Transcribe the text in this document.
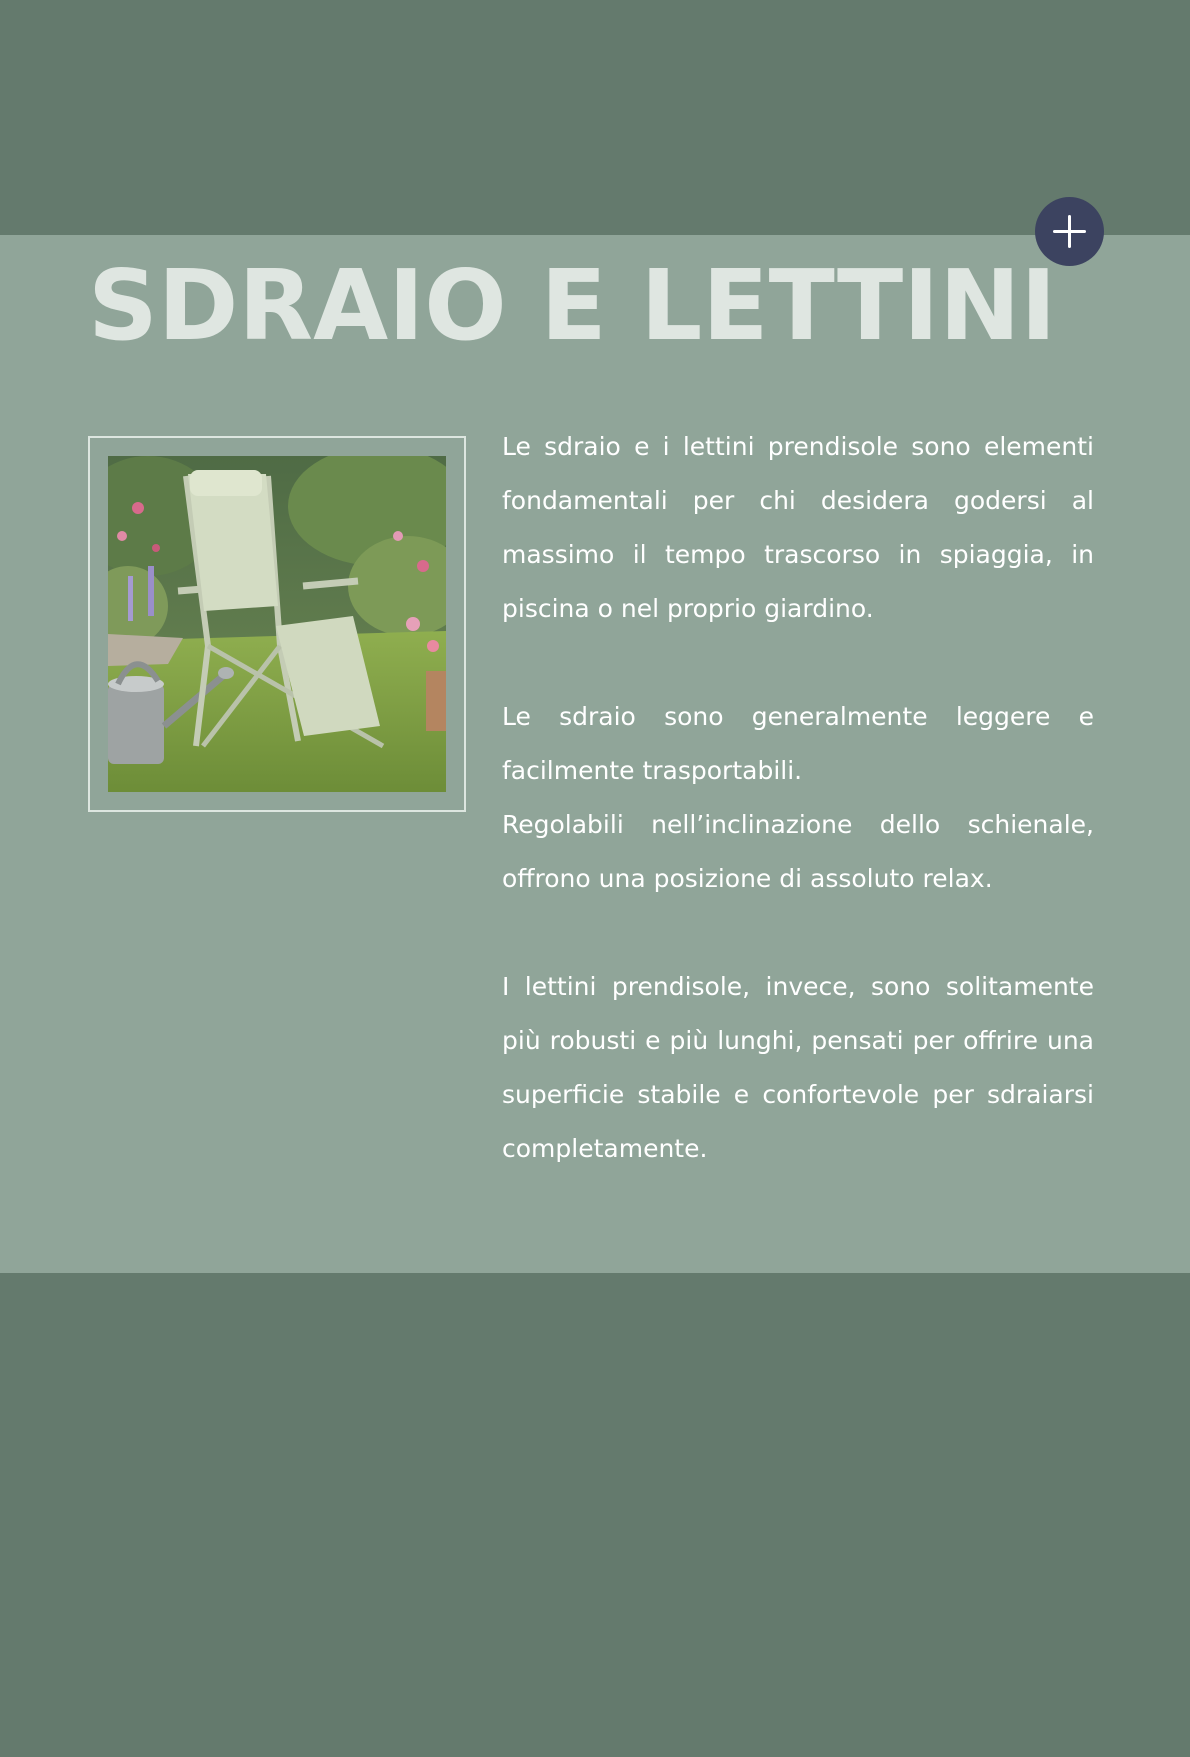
SDRAIO E LETTINI

Le sdraio e i lettini prendisole sono elementi fondamentali per chi desidera godersi al massimo il tempo trascorso in spiaggia, in piscina o nel proprio giardino.

Le sdraio sono generalmente leggere e facilmente trasportabili.

Regolabili nell’inclinazione dello schienale, offrono una posizione di assoluto relax.

I lettini prendisole, invece, sono solitamente più robusti e più lunghi, pensati per offrire una superficie stabile e confortevole per sdraiarsi completamente.
